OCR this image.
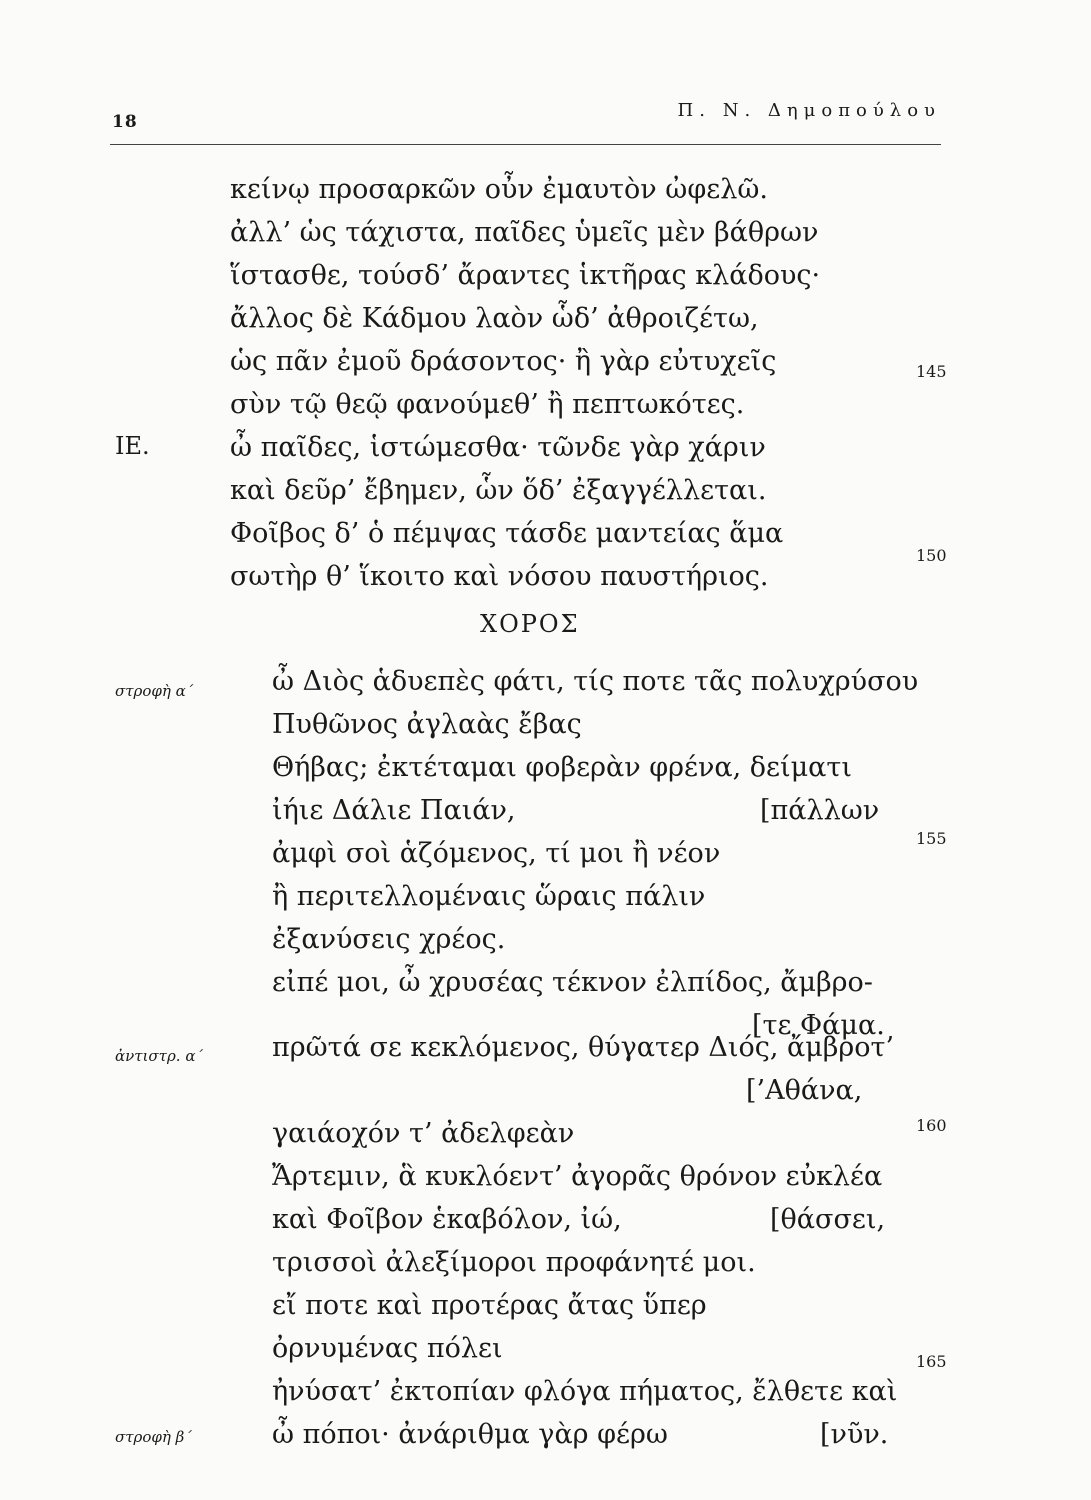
18
Π. Ν. Δημοπούλου
κείνῳ προσαρκῶν οὖν ἐμαυτὸν ὠφελῶ.
ἀλλ’ ὡς τάχιστα, παῖδες ὑμεῖς μὲν βάθρων
ἵστασθε, τούσδ’ ἄραντες ἱκτῆρας κλάδους·
ἄλλος δὲ Κάδμου λαὸν ὧδ’ ἀθροιζέτω,
ὡς πᾶν ἐμοῦ δράσοντος· ἢ γὰρ εὐτυχεῖς	145
σὺν τῷ θεῷ φανούμεθ’ ἢ πεπτωκότες.
ΙΕ.	ὦ παῖδες, ἱστώμεσθα· τῶνδε γὰρ χάριν
καὶ δεῦρ’ ἔβημεν, ὧν ὅδ’ ἐξαγγέλλεται.
Φοῖβος δ’ ὁ πέμψας τάσδε μαντείας ἅμα
σωτὴρ θ’ ἵκοιτο καὶ νόσου παυστήριος.
150
ΧΟΡΟΣ
στροφὴ α΄	ὦ Διὸς ἁδυεπὲς φάτι, τίς ποτε τᾶς πολυχρύσου
Πυθῶνος ἀγλαὰς ἔβας
Θήβας; ἐκτέταμαι φοβερὰν φρένα, δείματι
ἰήιε Δάλιε Παιάν,	[πάλλων
ἀμφὶ σοὶ ἁζόμενος, τί μοι ἢ νέον	155
ἢ περιτελλομέναις ὥραις πάλιν
ἐξανύσεις χρέος.
εἰπέ μοι, ὦ χρυσέας τέκνον ἐλπίδος, ἄμβρο-
[τε Φάμα.
ἀντιστρ. α΄	πρῶτά σε κεκλόμενος, θύγατερ Διός, ἄμβροτ’
[’Αθάνα,
γαιάοχόν τ’ ἀδελφεὰν	160
Ἄρτεμιν, ἃ κυκλόεντ’ ἀγορᾶς θρόνον εὐκλέα
καὶ Φοῖβον ἑκαβόλον, ἰώ,	[θάσσει,
τρισσοὶ ἀλεξίμοροι προφάνητέ μοι.
εἴ ποτε καὶ προτέρας ἄτας ὕπερ
ὀρνυμένας πόλει	165
ἠνύσατ’ ἐκτοπίαν φλόγα πήματος, ἔλθετε καὶ
στροφὴ β΄	ὦ πόποι· ἀνάριθμα γὰρ φέρω	[νῦν.
